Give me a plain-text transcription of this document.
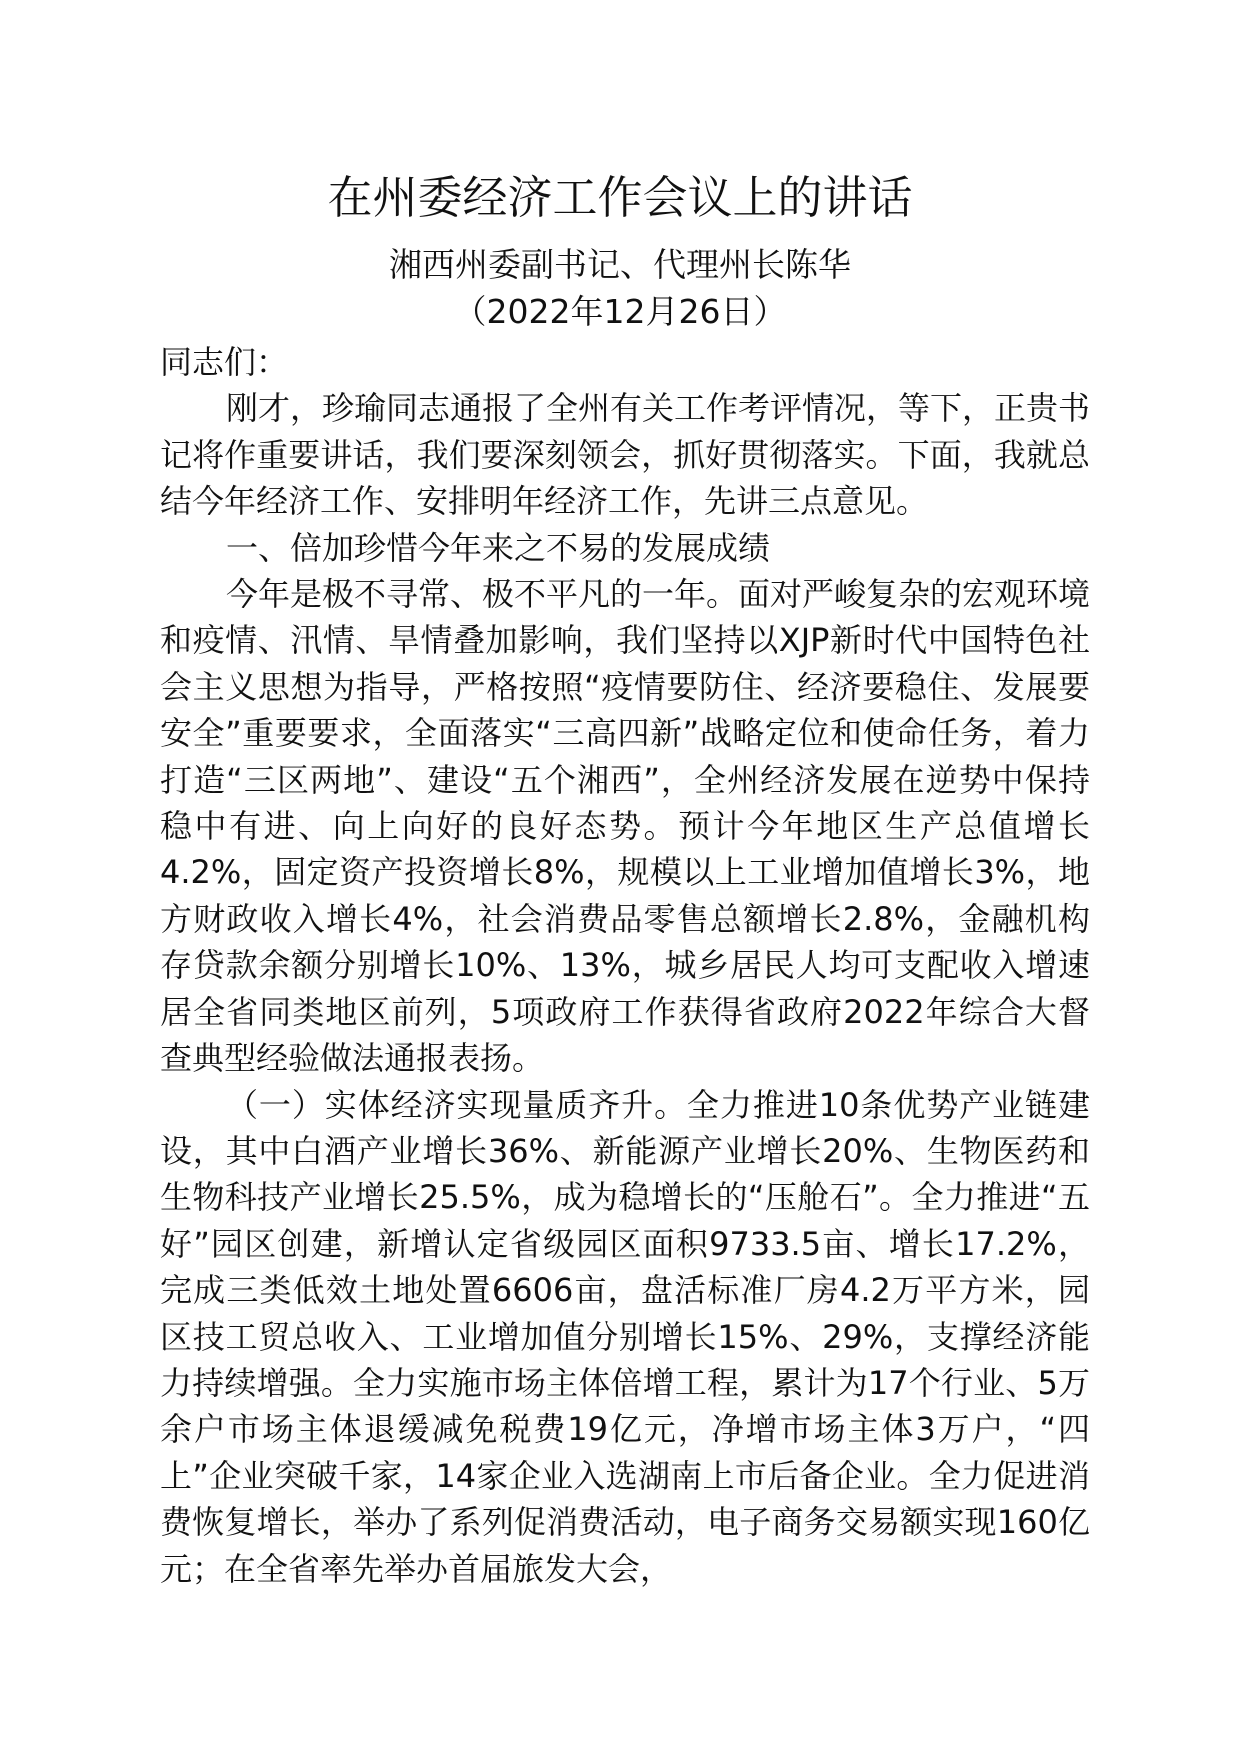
在州委经济工作会议上的讲话
湘西州委副书记、代理州长陈华
（2022年12月26日）

同志们：

刚才，珍瑜同志通报了全州有关工作考评情况，等下，正贵书记将作重要讲话，我们要深刻领会，抓好贯彻落实。下面，我就总结今年经济工作、安排明年经济工作，先讲三点意见。

一、倍加珍惜今年来之不易的发展成绩

今年是极不寻常、极不平凡的一年。面对严峻复杂的宏观环境和疫情、汛情、旱情叠加影响，我们坚持以XJP新时代中国特色社会主义思想为指导，严格按照“疫情要防住、经济要稳住、发展要安全”重要要求，全面落实“三高四新”战略定位和使命任务，着力打造“三区两地”、建设“五个湘西”，全州经济发展在逆势中保持稳中有进、向上向好的良好态势。预计今年地区生产总值增长4.2%，固定资产投资增长8%，规模以上工业增加值增长3%，地方财政收入增长4%，社会消费品零售总额增长2.8%，金融机构存贷款余额分别增长10%、13%，城乡居民人均可支配收入增速居全省同类地区前列，5项政府工作获得省政府2022年综合大督查典型经验做法通报表扬。

（一）实体经济实现量质齐升。全力推进10条优势产业链建设，其中白酒产业增长36%、新能源产业增长20%、生物医药和生物科技产业增长25.5%，成为稳增长的“压舱石”。全力推进“五好”园区创建，新增认定省级园区面积9733.5亩、增长17.2%，完成三类低效土地处置6606亩，盘活标准厂房4.2万平方米，园区技工贸总收入、工业增加值分别增长15%、29%，支撑经济能力持续增强。全力实施市场主体倍增工程，累计为17个行业、5万余户市场主体退缓减免税费19亿元，净增市场主体3万户，“四上”企业突破千家，14家企业入选湖南上市后备企业。全力促进消费恢复增长，举办了系列促消费活动，电子商务交易额实现160亿元；在全省率先举办首届旅发大会，
